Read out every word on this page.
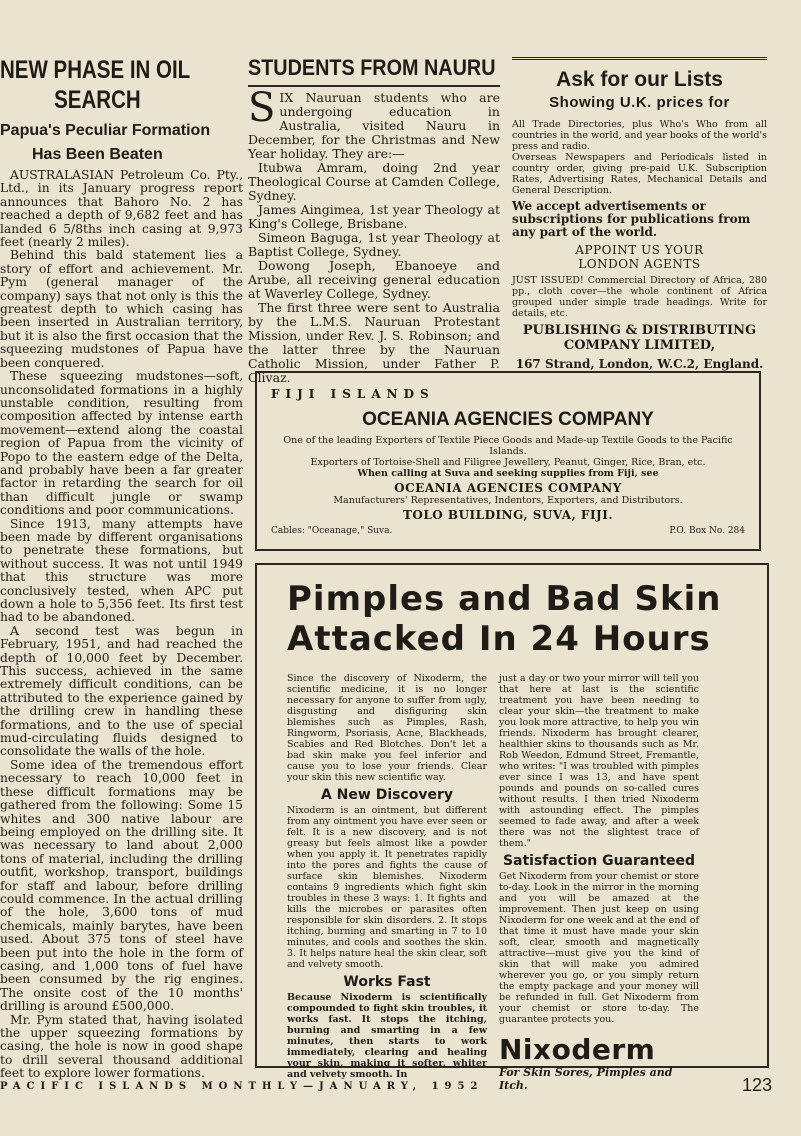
NEW PHASE IN OIL

SEARCH

Papua's Peculiar Formation

Has Been Beaten

AUSTRALASIAN Petroleum Co. Pty., Ltd., in its January progress report announces that Bahoro No. 2 has reached a depth of 9,682 feet and has landed 6 5/8ths inch casing at 9,973 feet (nearly 2 miles).

Behind this bald statement lies a story of effort and achievement. Mr. Pym (general manager of the company) says that not only is this the greatest depth to which casing has been inserted in Australian territory, but it is also the first occasion that the squeezing mudstones of Papua have been conquered.

These squeezing mudstones—soft, unconsolidated formations in a highly unstable condition, resulting from composition affected by intense earth movement—extend along the coastal region of Papua from the vicinity of Popo to the eastern edge of the Delta, and probably have been a far greater factor in retarding the search for oil than difficult jungle or swamp conditions and poor communications.

Since 1913, many attempts have been made by different organisations to penetrate these formations, but without success. It was not until 1949 that this structure was more conclusively tested, when APC put down a hole to 5,356 feet. Its first test had to be abandoned.

A second test was begun in February, 1951, and had reached the depth of 10,000 feet by December. This success, achieved in the same extremely difficult conditions, can be attributed to the experience gained by the drilling crew in handling these formations, and to the use of special mud-circulating fluids designed to consolidate the walls of the hole.

Some idea of the tremendous effort necessary to reach 10,000 feet in these difficult formations may be gathered from the following: Some 15 whites and 300 native labour are being employed on the drilling site. It was necessary to land about 2,000 tons of material, including the drilling outfit, workshop, transport, buildings for staff and labour, before drilling could commence. In the actual drilling of the hole, 3,600 tons of mud chemicals, mainly barytes, have been used. About 375 tons of steel have been put into the hole in the form of casing, and 1,000 tons of fuel have been consumed by the rig engines. The onsite cost of the 10 months' drilling is around £500,000.

Mr. Pym stated that, having isolated the upper squeezing formations by casing, the hole is now in good shape to drill several thousand additional feet to explore lower formations.

STUDENTS FROM NAURU

S IX Nauruan students who are undergoing education in Australia, visited Nauru in December, for the Christmas and New Year holiday. They are:—

Itubwa Amram, doing 2nd year Theological Course at Camden College, Sydney.

James Aingimea, 1st year Theology at King's College, Brisbane.

Simeon Baguga, 1st year Theology at Baptist College, Sydney.

Dowong Joseph, Ebanoeye and Arube, all receiving general education at Waverley College, Sydney.

The first three were sent to Australia by the L.M.S. Nauruan Protestant Mission, under Rev. J. S. Robinson; and the latter three by the Nauruan Catholic Mission, under Father P. Clivaz.

Ask for our Lists
Showing U.K. prices for

All Trade Directories, plus Who's Who from all countries in the world, and year books of the world's press and radio.

Overseas Newspapers and Periodicals listed in country order, giving pre-paid U.K. Subscription Rates, Advertising Rates, Mechanical Details and General Description.

We accept advertisements or subscriptions for publications from any part of the world.

APPOINT US YOUR

LONDON AGENTS

JUST ISSUED! Commercial Directory of Africa, 280 pp., cloth cover—the whole continent of Africa grouped under simple trade headings. Write for details, etc.

PUBLISHING & DISTRIBUTING

COMPANY LIMITED,

167 Strand, London, W.C.2, England.

FIJI ISLANDS

OCEANIA AGENCIES COMPANY

One of the leading Exporters of Textile Piece Goods and Made-up Textile Goods to the Pacific Islands.

Exporters of Tortoise-Shell and Filigree Jewellery, Peanut, Ginger, Rice, Bran, etc.

When calling at Suva and seeking supplies from Fiji, see

OCEANIA AGENCIES COMPANY

Manufacturers' Representatives, Indentors, Exporters, and Distributors.

TOLO BUILDING, SUVA, FIJI.

Cables: "Oceanage," Suva.	P.O. Box No. 284

Pimples and Bad Skin

Attacked In 24 Hours

Since the discovery of Nixoderm, the scientific medicine, it is no longer necessary for anyone to suffer from ugly, disgusting and disfiguring skin blemishes such as Pimples, Rash, Ringworm, Psoriasis, Acne, Blackheads, Scabies and Red Blotches. Don't let a bad skin make you feel inferior and cause you to lose your friends. Clear your skin this new scientific way.

A New Discovery

Nixoderm is an ointment, but different from any ointment you have ever seen or felt. It is a new discovery, and is not greasy but feels almost like a powder when you apply it. It penetrates rapidly into the pores and fights the cause of surface skin blemishes. Nixoderm contains 9 ingredients which fight skin troubles in these 3 ways: 1. It fights and kills the microbes or parasites often responsible for skin disorders. 2. It stops itching, burning and smarting in 7 to 10 minutes, and cools and soothes the skin. 3. It helps nature heal the skin clear, soft and velvety smooth.

Works Fast

Because Nixoderm is scientifically compounded to fight skin troubles, it works fast. It stops the itching, burning and smarting in a few minutes, then starts to work immediately, clearing and healing your skin, making it softer, whiter and velvety smooth. In

just a day or two your mirror will tell you that here at last is the scientific treatment you have been needing to clear your skin—the treatment to make you look more attractive, to help you win friends. Nixoderm has brought clearer, healthier skins to thousands such as Mr. Rob Weedon, Edmund Street, Fremantle, who writes: "I was troubled with pimples ever since I was 13, and have spent pounds and pounds on so-called cures without results. I then tried Nixoderm with astounding effect. The pimples seemed to fade away, and after a week there was not the slightest trace of them."

Satisfaction Guaranteed

Get Nixoderm from your chemist or store to-day. Look in the mirror in the morning and you will be amazed at the improvement. Then just keep on using Nixoderm for one week and at the end of that time it must have made your skin soft, clear, smooth and magnetically attractive—must give you the kind of skin that will make you admired wherever you go, or you simply return the empty package and your money will be refunded in full. Get Nixoderm from your chemist or store to-day. The guarantee protects you.

Nixoderm

For Skin Sores, Pimples and Itch.

PACIFIC ISLANDS MONTHLY—JANUARY, 1952	123
